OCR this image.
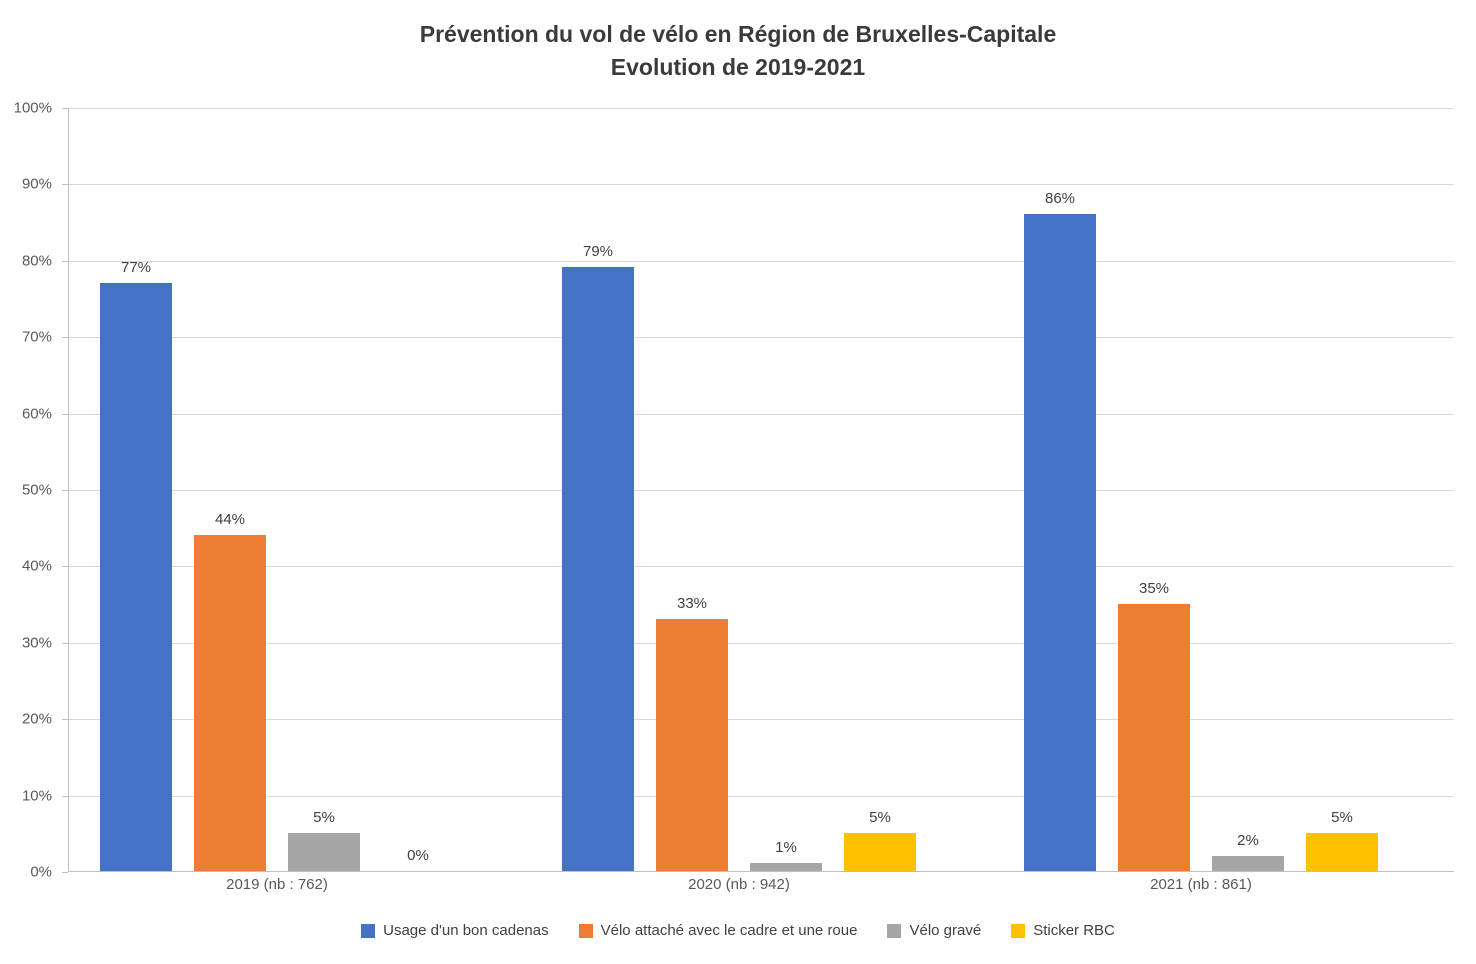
Prévention du vol de vélo en Région de Bruxelles-Capitale
Evolution de 2019-2021
0%
10%
20%
30%
40%
50%
60%
70%
80%
90%
100%
77%
44%
5%
0%
79%
33%
1%
5%
86%
35%
2%
5%
2019 (nb : 762)	2020 (nb : 942)	2021 (nb : 861)
Usage d'un bon cadenas	Vélo attaché avec le cadre et une roue	Vélo gravé	Sticker RBC
